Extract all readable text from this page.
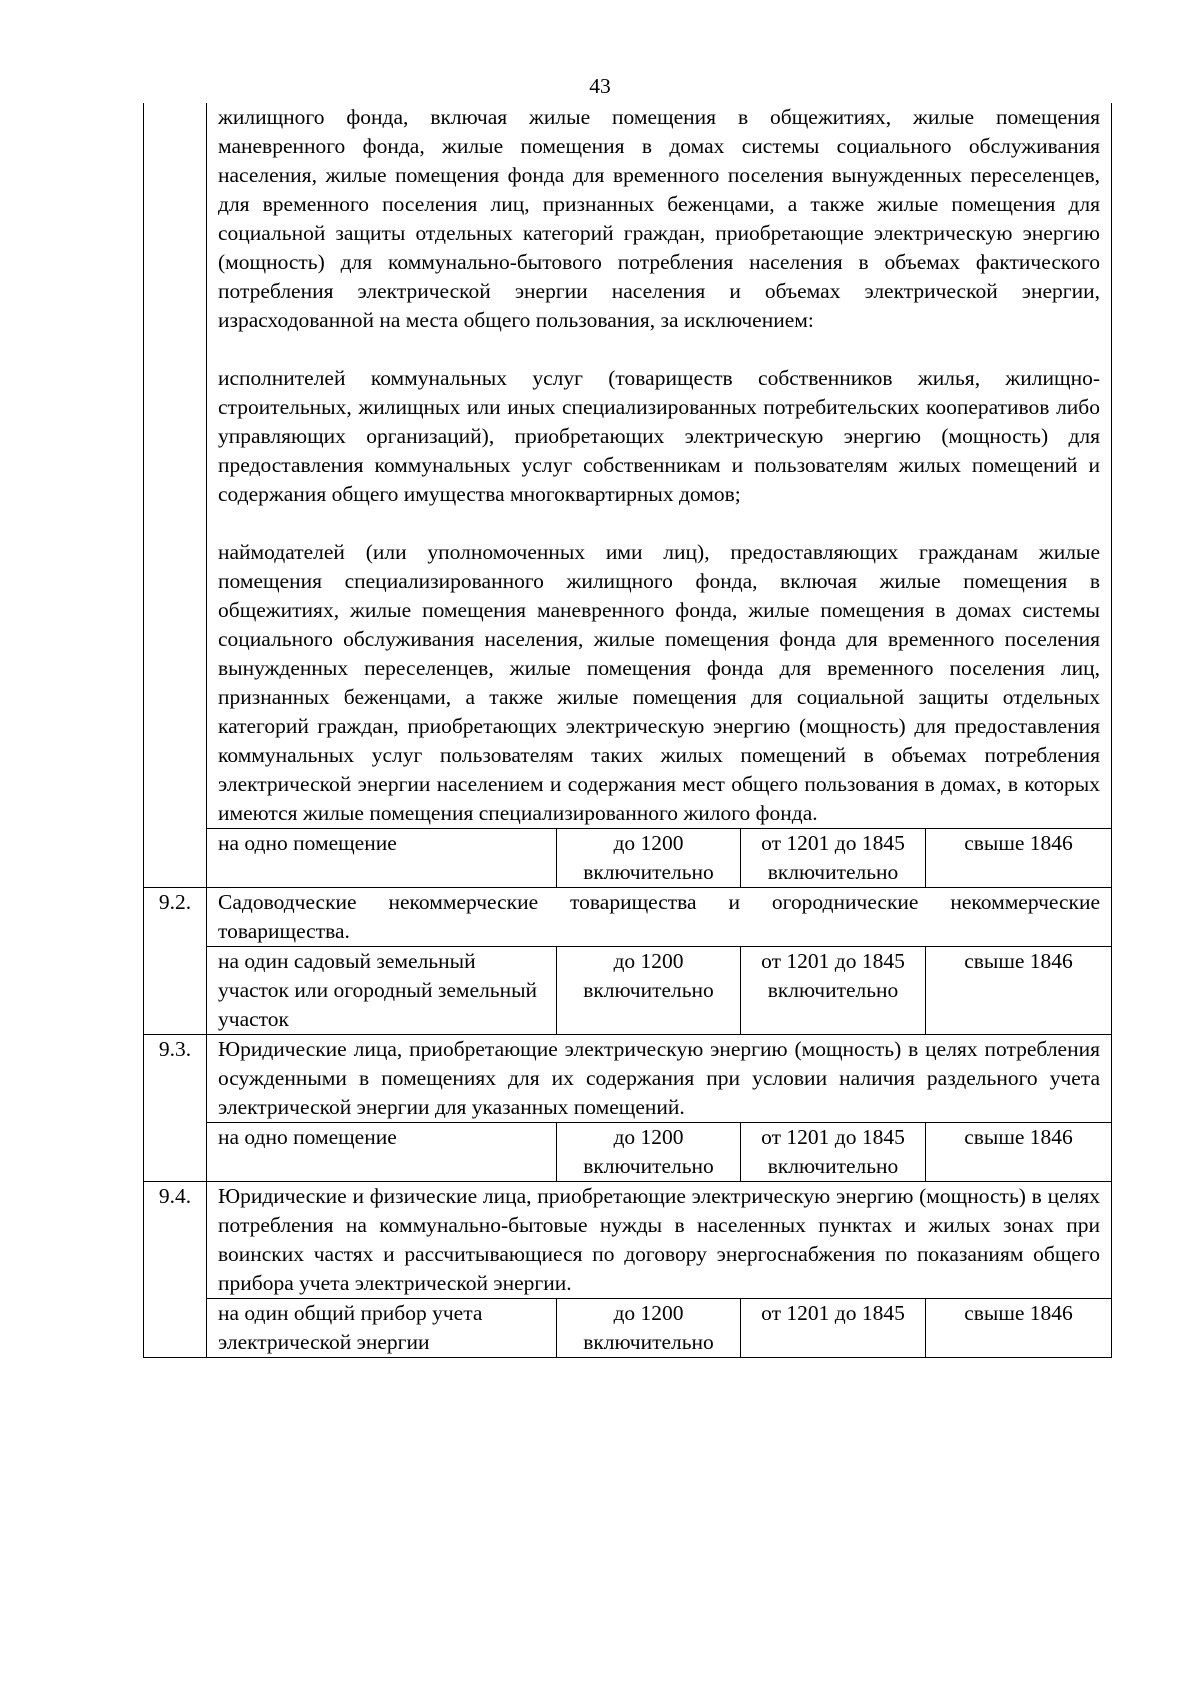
43

	жилищного фонда, включая жилые помещения в общежитиях, жилые помещения маневренного фонда, жилые помещения в домах системы социального обслуживания населения, жилые помещения фонда для временного поселения вынужденных переселенцев, для временного поселения лиц, признанных беженцами, а также жилые помещения для социальной защиты отдельных категорий граждан, приобретающие электрическую энергию (мощность) для коммунально-бытового потребления населения в объемах фактического потребления электрической энергии населения и объемах электрической энергии, израсходованной на места общего пользования, за исключением:

исполнителей коммунальных услуг (товариществ собственников жилья, жилищно-строительных, жилищных или иных специализированных потребительских кооперативов либо управляющих организаций), приобретающих электрическую энергию (мощность) для предоставления коммунальных услуг собственникам и пользователям жилых помещений и содержания общего имущества многоквартирных домов;

наймодателей (или уполномоченных ими лиц), предоставляющих гражданам жилые помещения специализированного жилищного фонда, включая жилые помещения в общежитиях, жилые помещения маневренного фонда, жилые помещения в домах системы социального обслуживания населения, жилые помещения фонда для временного поселения вынужденных переселенцев, жилые помещения фонда для временного поселения лиц, признанных беженцами, а также жилые помещения для социальной защиты отдельных категорий граждан, приобретающих электрическую энергию (мощность) для предоставления коммунальных услуг пользователям таких жилых помещений в объемах потребления электрической энергии населением и содержания мест общего пользования в домах, в которых имеются жилые помещения специализированного жилого фонда.			

	на одно помещение	до 1200 включительно	от 1201 до 1845 включительно	свыше 1846
9.2.	Садоводческие некоммерческие товарищества и огороднические некоммерческие товарищества.			
	на один садовый земельный участок или огородный земельный участок	до 1200 включительно	от 1201 до 1845 включительно	свыше 1846
9.3.	Юридические лица, приобретающие электрическую энергию (мощность) в целях потребления осужденными в помещениях для их содержания при условии наличия раздельного учета электрической энергии для указанных помещений.			
	на одно помещение	до 1200 включительно	от 1201 до 1845 включительно	свыше 1846
9.4.	Юридические и физические лица, приобретающие электрическую энергию (мощность) в целях потребления на коммунально-бытовые нужды в населенных пунктах и жилых зонах при воинских частях и рассчитывающиеся по договору энергоснабжения по показаниям общего прибора учета электрической энергии.			
	на один общий прибор учета электрической энергии	до 1200 включительно	от 1201 до 1845	свыше 1846
